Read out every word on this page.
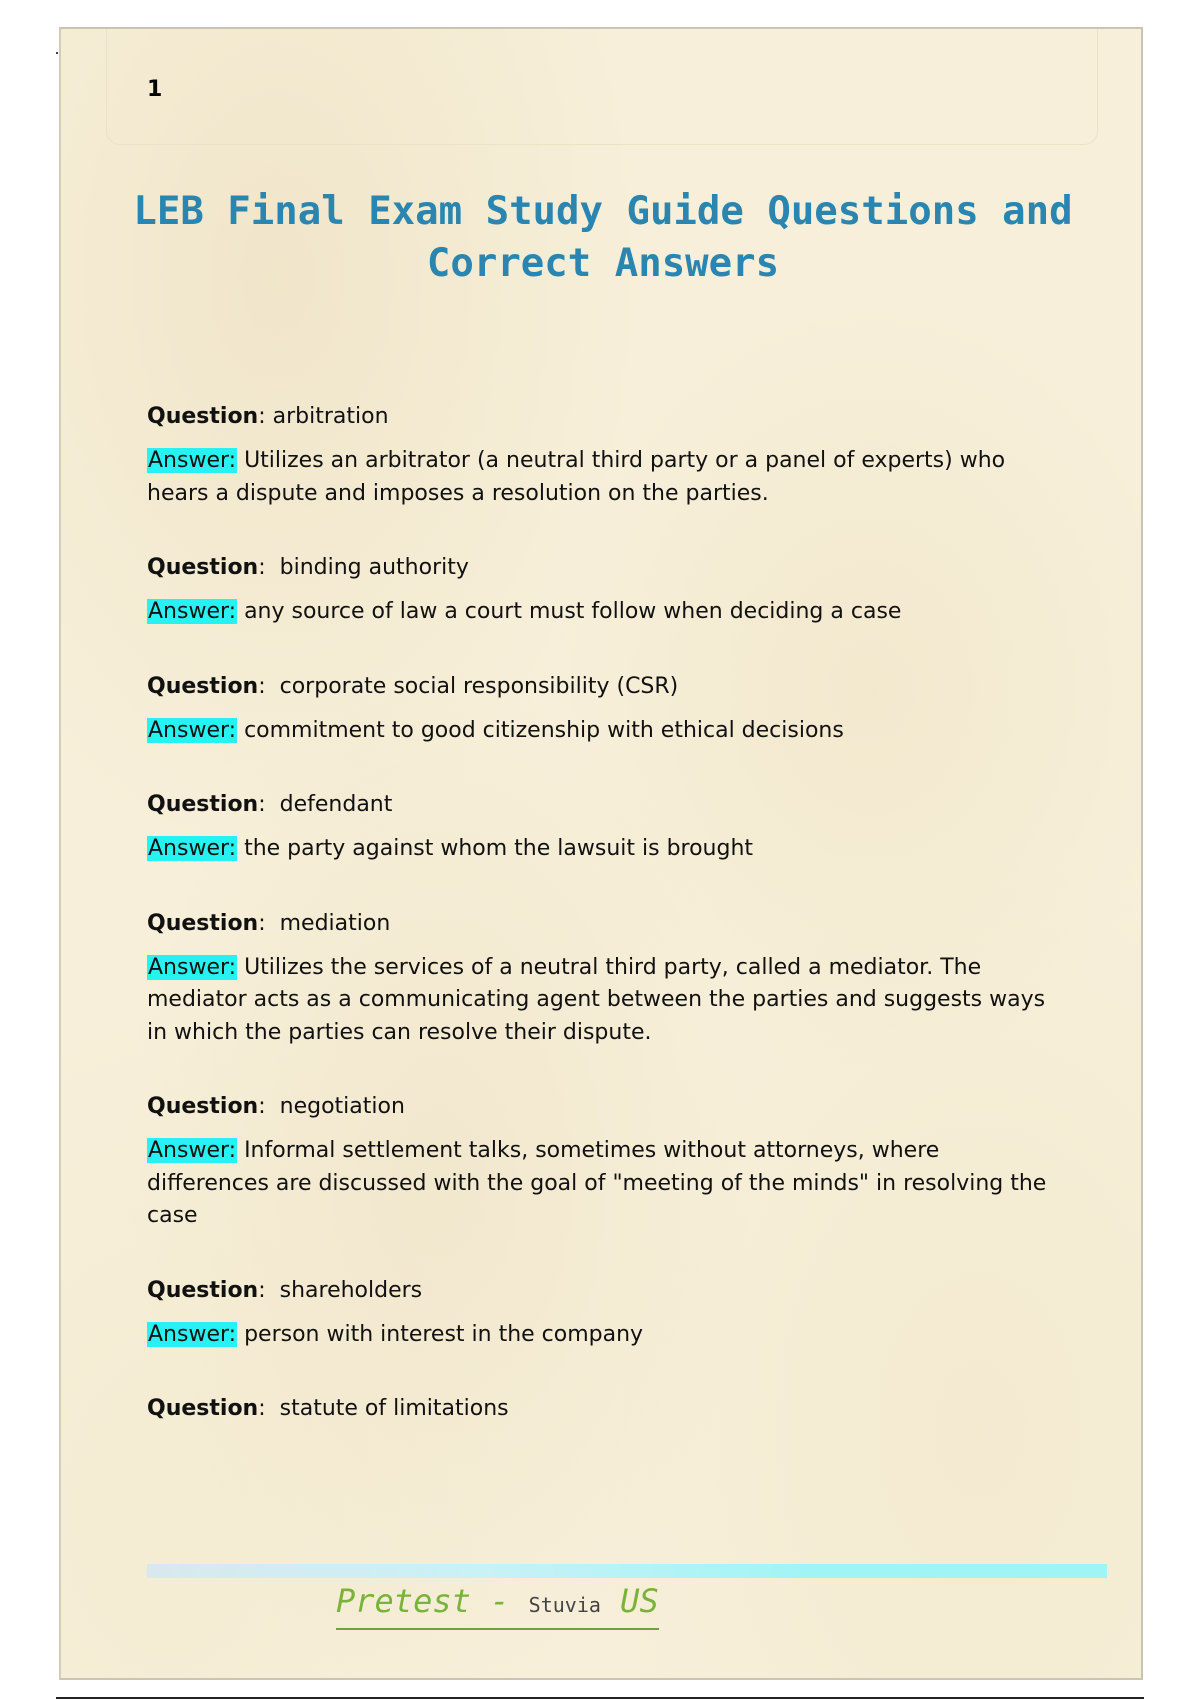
1
LEB Final Exam Study Guide Questions and Correct Answers

Question: arbitration

Answer: Utilizes an arbitrator (a neutral third party or a panel of experts) who hears a dispute and imposes a resolution on the parties.

Question:  binding authority

Answer: any source of law a court must follow when deciding a case

Question:  corporate social responsibility (CSR)

Answer: commitment to good citizenship with ethical decisions

Question:  defendant

Answer: the party against whom the lawsuit is brought

Question:  mediation

Answer: Utilizes the services of a neutral third party, called a mediator. The mediator acts as a communicating agent between the parties and suggests ways in which the parties can resolve their dispute.

Question:  negotiation

Answer: Informal settlement talks, sometimes without attorneys, where differences are discussed with the goal of "meeting of the minds" in resolving the case

Question:  shareholders

Answer: person with interest in the company

Question:  statute of limitations

Pretest - Stuvia US
